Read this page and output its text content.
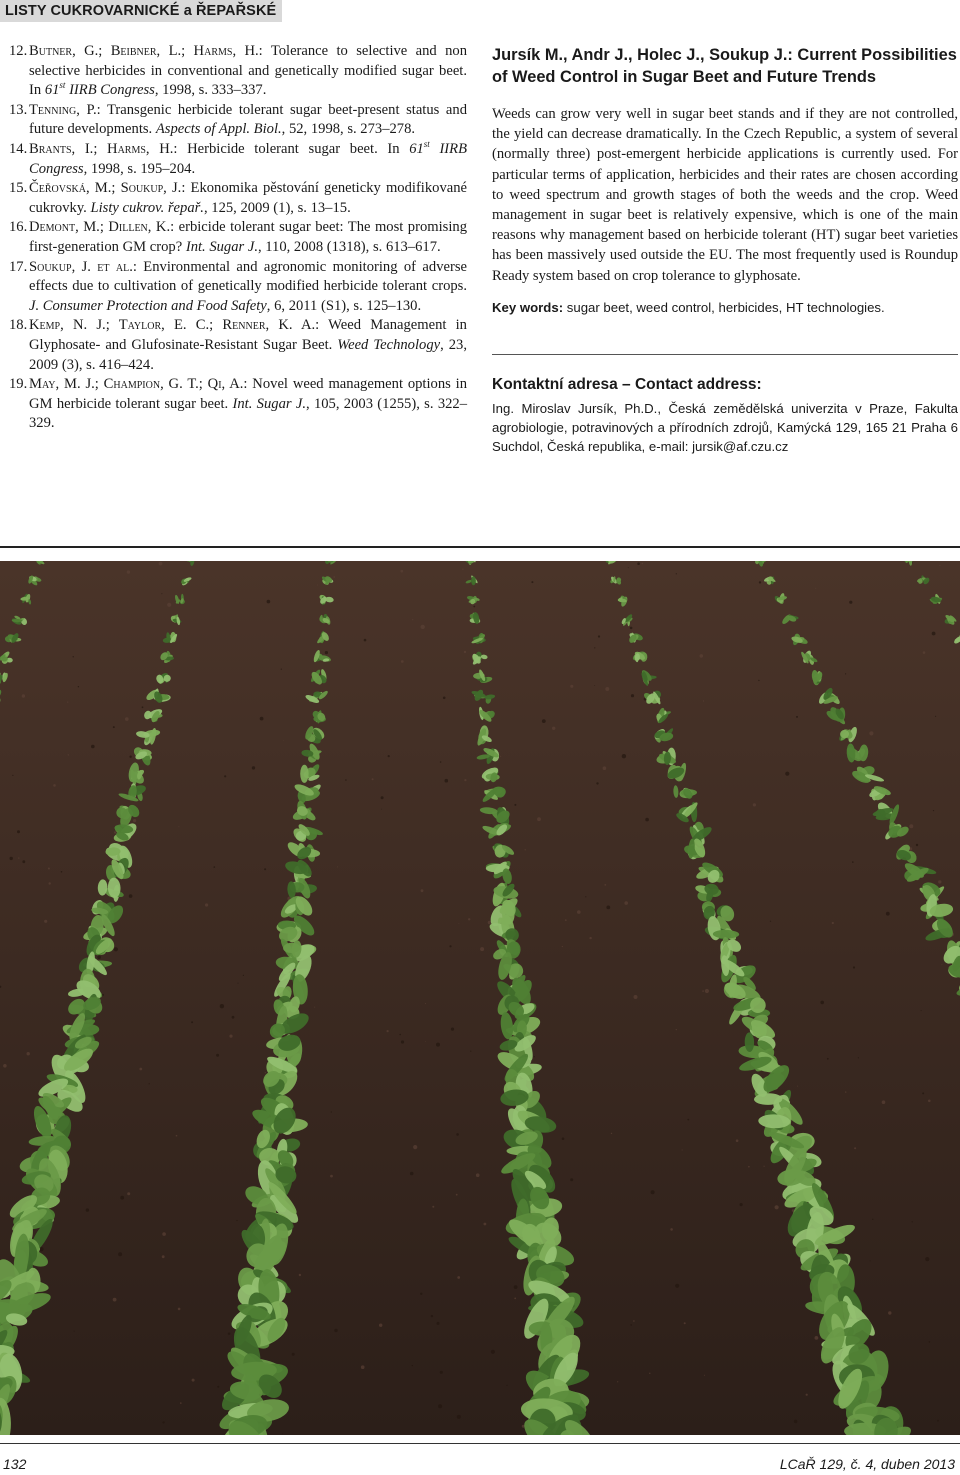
LISTY CUKROVARNICKÉ a ŘEPAŘSKÉ
12. Butner, G.; Beibner, L.; Harms, H.: Tolerance to selective and non selective herbicides in conventional and genetically modified sugar beet. In 61st IIRB Congress, 1998, s. 333–337.
13. Tenning, P.: Transgenic herbicide tolerant sugar beet-present status and future developments. Aspects of Appl. Biol., 52, 1998, s. 273–278.
14. Brants, I.; Harms, H.: Herbicide tolerant sugar beet. In 61st IIRB Congress, 1998, s. 195–204.
15. Čeřovská, M.; Soukup, J.: Ekonomika pěstování geneticky modifikované cukrovky. Listy cukrov. řepař., 125, 2009 (1), s. 13–15.
16. Demont, M.; Dillen, K.: erbicide tolerant sugar beet: The most promising first-generation GM crop? Int. Sugar J., 110, 2008 (1318), s. 613–617.
17. Soukup, J. et al.: Environmental and agronomic monitoring of adverse effects due to cultivation of genetically modified herbicide tolerant crops. J. Consumer Protection and Food Safety, 6, 2011 (S1), s. 125–130.
18. Kemp, N. J.; Taylor, E. C.; Renner, K. A.: Weed Management in Glyphosate- and Glufosinate-Resistant Sugar Beet. Weed Technology, 23, 2009 (3), s. 416–424.
19. May, M. J.; Champion, G. T.; Qi, A.: Novel weed management options in GM herbicide tolerant sugar beet. Int. Sugar J., 105, 2003 (1255), s. 322–329.
Jursík M., Andr J., Holec J., Soukup J.: Current Possibilities of Weed Control in Sugar Beet and Future Trends
Weeds can grow very well in sugar beet stands and if they are not controlled, the yield can decrease dramatically. In the Czech Republic, a system of several (normally three) post-emergent herbicide applications is currently used. For particular terms of application, herbicides and their rates are chosen according to weed spectrum and growth stages of both the weeds and the crop. Weed management in sugar beet is relatively expensive, which is one of the main reasons why management based on herbicide tolerant (HT) sugar beet varieties has been massively used outside the EU. The most frequently used is Roundup Ready system based on crop tolerance to glyphosate.
Key words: sugar beet, weed control, herbicides, HT technologies.
Kontaktní adresa – Contact address:
Ing. Miroslav Jursík, Ph.D., Česká zemědělská univerzita v Praze, Fakulta agrobiologie, potravinových a přírodních zdrojů, Kamýcká 129, 165 21 Praha 6 Suchdol, Česká republika, e-mail: jursik@af.czu.cz
132	LCaŘ 129, č. 4, duben 2013
